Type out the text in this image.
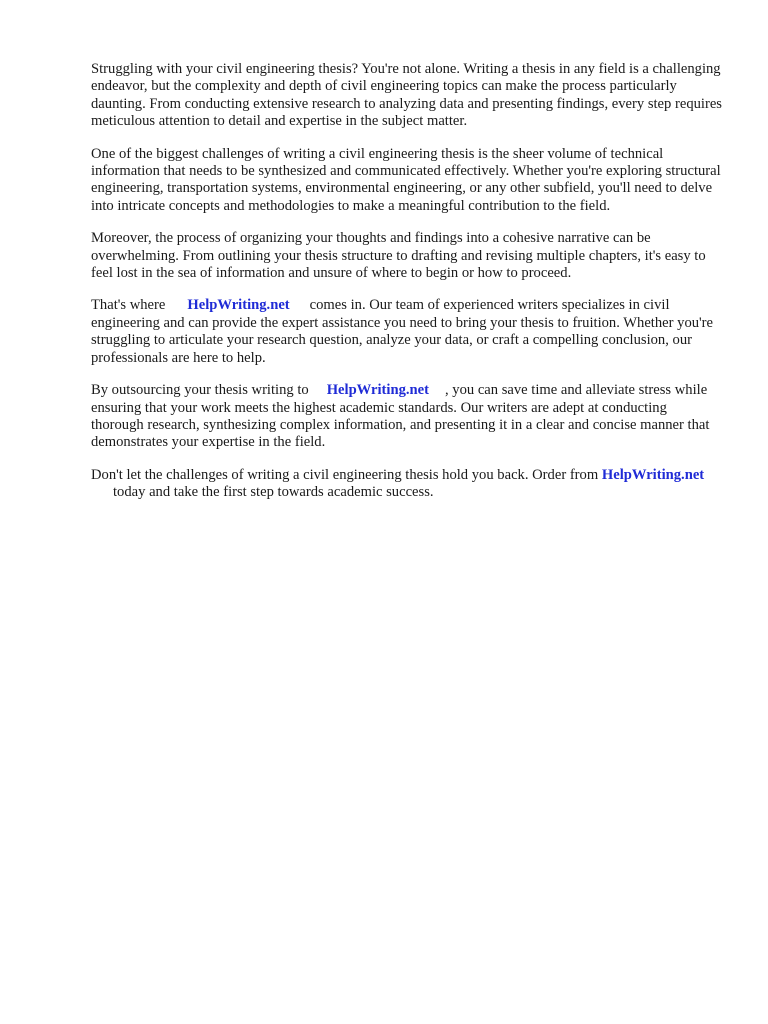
Struggling with your civil engineering thesis? You're not alone. Writing a thesis in any field is a challenging endeavor, but the complexity and depth of civil engineering topics can make the process particularly daunting. From conducting extensive research to analyzing data and presenting findings, every step requires meticulous attention to detail and expertise in the subject matter.

One of the biggest challenges of writing a civil engineering thesis is the sheer volume of technical information that needs to be synthesized and communicated effectively. Whether you're exploring structural engineering, transportation systems, environmental engineering, or any other subfield, you'll need to delve into intricate concepts and methodologies to make a meaningful contribution to the field.

Moreover, the process of organizing your thoughts and findings into a cohesive narrative can be overwhelming. From outlining your thesis structure to drafting and revising multiple chapters, it's easy to feel lost in the sea of information and unsure of where to begin or how to proceed.

That's where HelpWriting.net comes in. Our team of experienced writers specializes in civil engineering and can provide the expert assistance you need to bring your thesis to fruition. Whether you're struggling to articulate your research question, analyze your data, or craft a compelling conclusion, our professionals are here to help.

By outsourcing your thesis writing to HelpWriting.net , you can save time and alleviate stress while ensuring that your work meets the highest academic standards. Our writers are adept at conducting thorough research, synthesizing complex information, and presenting it in a clear and concise manner that demonstrates your expertise in the field.

Don't let the challenges of writing a civil engineering thesis hold you back. Order from HelpWriting.nettoday and take the first step towards academic success.
